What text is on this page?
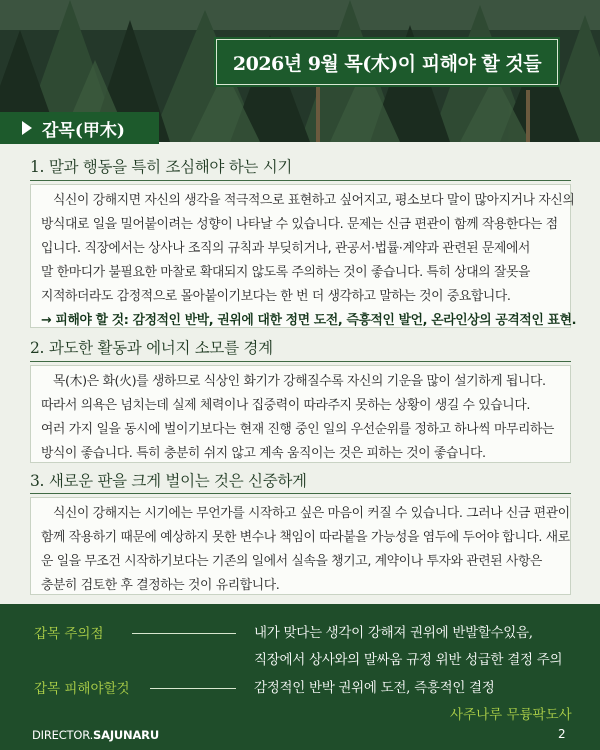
2026년 9월 목(木)이 피해야 할 것들
갑목(甲木)
1. 말과 행동을 특히 조심해야 하는 시기
식신이 강해지면 자신의 생각을 적극적으로 표현하고 싶어지고, 평소보다 말이 많아지거나 자신의
방식대로 일을 밀어붙이려는 성향이 나타날 수 있습니다. 문제는 신금 편관이 함께 작용한다는 점
입니다. 직장에서는 상사나 조직의 규칙과 부딪히거나, 관공서·법률·계약과 관련된 문제에서
말 한마디가 불필요한 마찰로 확대되지 않도록 주의하는 것이 좋습니다. 특히 상대의 잘못을
지적하더라도 감정적으로 몰아붙이기보다는 한 번 더 생각하고 말하는 것이 중요합니다.
→ 피해야 할 것: 감정적인 반박, 권위에 대한 정면 도전, 즉흥적인 발언, 온라인상의 공격적인 표현.
2. 과도한 활동과 에너지 소모를 경계
목(木)은 화(火)를 생하므로 식상인 화기가 강해질수록 자신의 기운을 많이 설기하게 됩니다.
따라서 의욕은 넘치는데 실제 체력이나 집중력이 따라주지 못하는 상황이 생길 수 있습니다.
여러 가지 일을 동시에 벌이기보다는 현재 진행 중인 일의 우선순위를 정하고 하나씩 마무리하는
방식이 좋습니다. 특히 충분히 쉬지 않고 계속 움직이는 것은 피하는 것이 좋습니다.
3. 새로운 판을 크게 벌이는 것은 신중하게
식신이 강해지는 시기에는 무언가를 시작하고 싶은 마음이 커질 수 있습니다. 그러나 신금 편관이
함께 작용하기 때문에 예상하지 못한 변수나 책임이 따라붙을 가능성을 염두에 두어야 합니다. 새로
운 일을 무조건 시작하기보다는 기존의 일에서 실속을 챙기고, 계약이나 투자와 관련된 사항은
충분히 검토한 후 결정하는 것이 유리합니다.
갑목 주의점	내가 맞다는 생각이 강해져 권위에 반발할수있음,
직장에서 상사와의 말싸움 규정 위반 성급한 결정 주의
갑목 피해야할것	감정적인 반박 권위에 도전, 즉흥적인 결정
사주나루 무륭팍도사
DIRECTOR.SAJUNARU	2
